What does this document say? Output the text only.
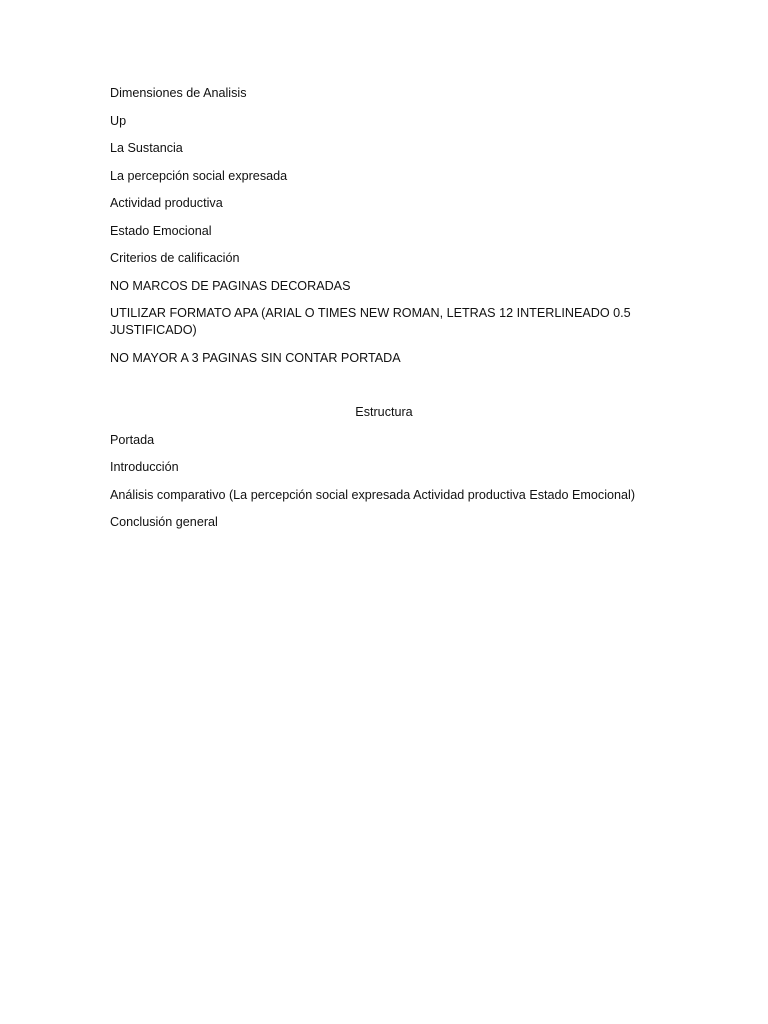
Dimensiones de Analisis

Up

La Sustancia

La percepción social expresada

Actividad productiva

Estado Emocional

Criterios de calificación

NO MARCOS DE PAGINAS DECORADAS

UTILIZAR FORMATO APA (ARIAL O TIMES NEW ROMAN, LETRAS 12 INTERLINEADO 0.5 JUSTIFICADO)

NO MAYOR A 3 PAGINAS SIN CONTAR PORTADA

Estructura

Portada

Introducción

Análisis comparativo (La percepción social expresada Actividad productiva Estado Emocional)

Conclusión general
